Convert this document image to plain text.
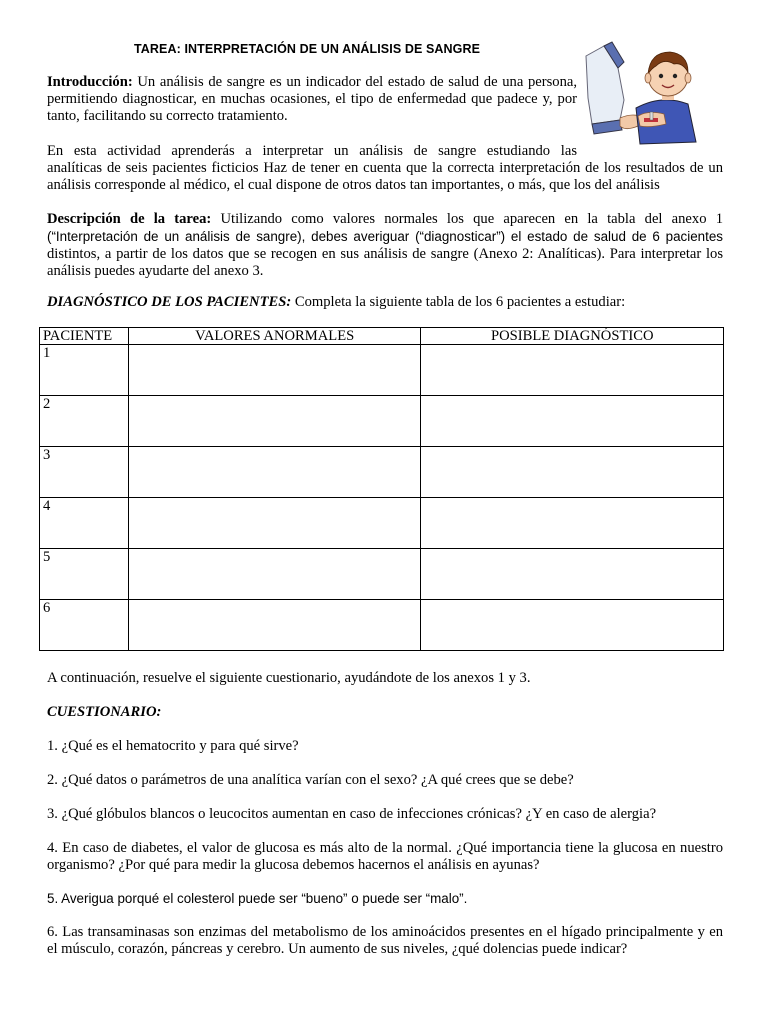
TAREA: INTERPRETACIÓN DE UN ANÁLISIS DE SANGRE
Introducción: Un análisis de sangre es un indicador del estado de salud de una persona, permitiendo diagnosticar, en muchas ocasiones, el tipo de enfermedad que padece y, por tanto, facilitando su correcto tratamiento.
En esta actividad aprenderás a interpretar un análisis de sangre estudiando las
analíticas de seis pacientes ficticios Haz de tener en cuenta que la correcta interpretación de los resultados de un análisis corresponde al médico, el cual dispone de otros datos tan importantes, o más, que los del análisis
Descripción de la tarea: Utilizando como valores normales los que aparecen en la tabla del anexo 1 (“Interpretación de un análisis de sangre), debes averiguar (“diagnosticar”) el estado de salud de 6 pacientes distintos, a partir de los datos que se recogen en sus análisis de sangre (Anexo 2: Analíticas). Para interpretar los análisis puedes ayudarte del anexo 3.
DIAGNÓSTICO DE LOS PACIENTES: Completa la siguiente tabla de los 6 pacientes a estudiar:
PACIENTE	VALORES ANORMALES	POSIBLE DIAGNÓSTICO
1		
2		
3		
4		
5		
6		
A continuación, resuelve el siguiente cuestionario, ayudándote de los anexos 1 y 3.
CUESTIONARIO:
1. ¿Qué es el hematocrito y para qué sirve?
2. ¿Qué datos o parámetros de una analítica varían con el sexo? ¿A qué crees que se debe?
3. ¿Qué glóbulos blancos o leucocitos aumentan en caso de infecciones crónicas? ¿Y en caso de alergia?
4. En caso de diabetes, el valor de glucosa es más alto de la normal. ¿Qué importancia tiene la glucosa en nuestro organismo? ¿Por qué para medir la glucosa debemos hacernos el análisis en ayunas?
5. Averigua porqué el colesterol puede ser “bueno” o puede ser “malo”.
6. Las transaminasas son enzimas del metabolismo de los aminoácidos presentes en el hígado principalmente y en el músculo, corazón, páncreas y cerebro. Un aumento de sus niveles, ¿qué dolencias puede indicar?
